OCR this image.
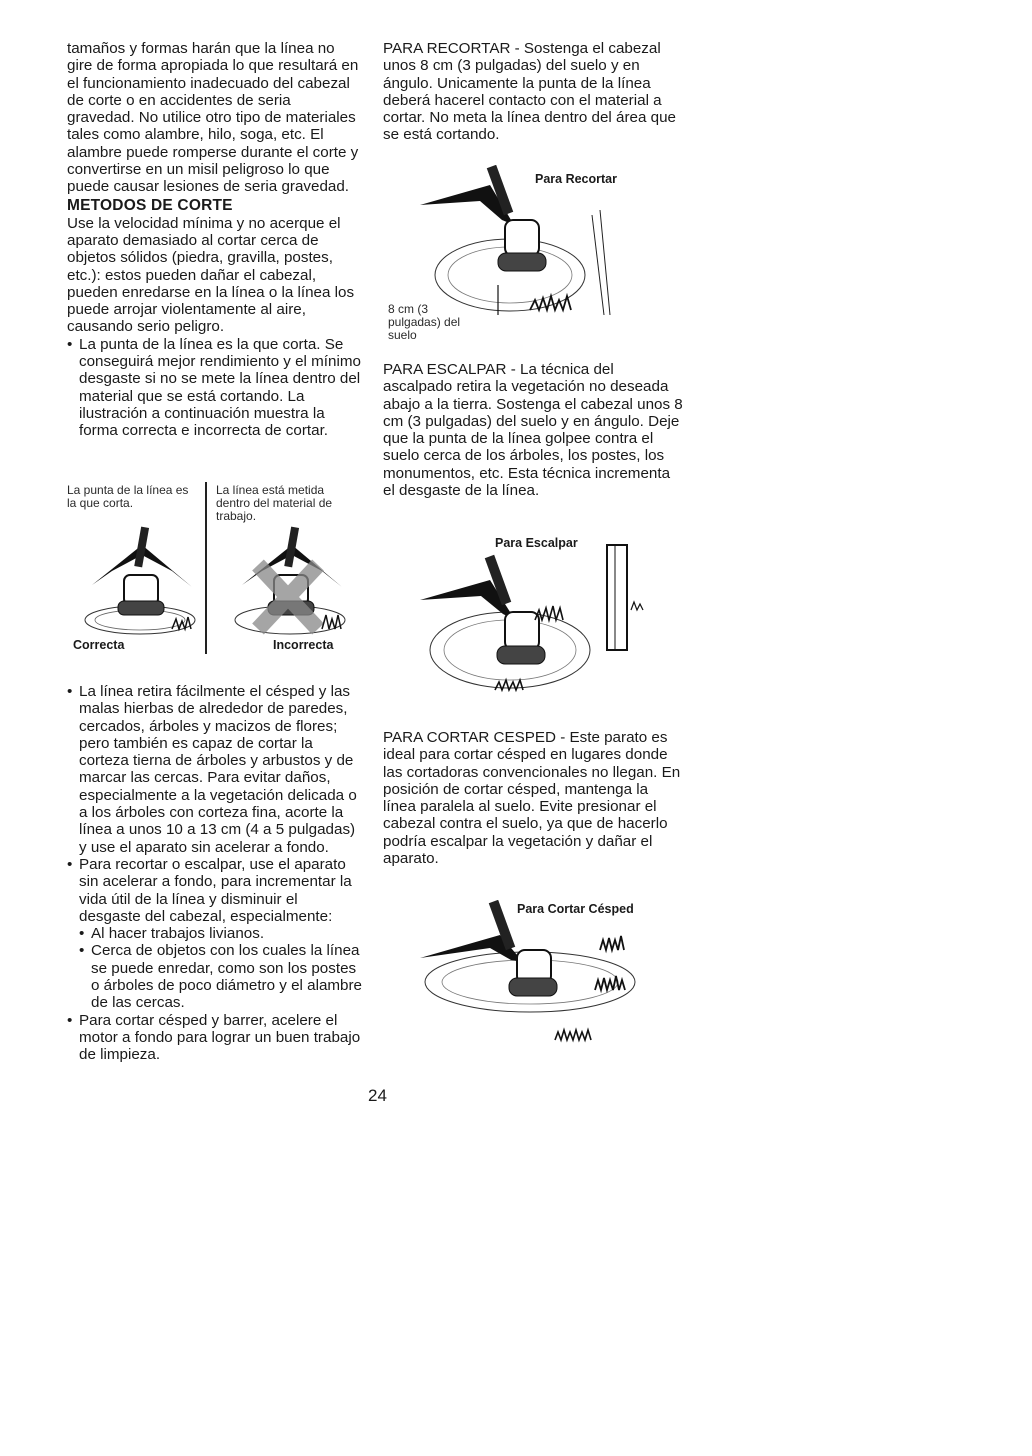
tamaños y formas harán que la línea no gire de forma apropiada lo que resultará en el funcionamiento inadecuado del cabezal de corte o en accidentes de seria gravedad. No utilice otro tipo de materiales tales como alambre, hilo, soga, etc. El alambre puede romperse durante el corte y convertirse en un misil peligroso lo que puede causar lesiones de seria gravedad.

METODOS DE CORTE

Use la velocidad mínima y no acerque el aparato demasiado al cortar cerca de objetos sólidos (piedra, gravilla, postes, etc.): estos pueden dañar el cabezal, pueden enredarse en la línea o la línea los puede arrojar violentamente al aire, causando serio peligro.

• La punta de la línea es la que corta. Se conseguirá mejor rendimiento y el mínimo desgaste si no se mete la línea dentro del material que se está cortando. La ilustración a continuación muestra la forma correcta e incorrecta de cortar.
La punta de la línea es la que corta.
La línea está metida dentro del material de trabajo.
Correcta	Incorrecta
• La línea retira fácilmente el césped y las malas hierbas de alrededor de paredes, cercados, árboles y macizos de flores; pero también es capaz de cortar la corteza tierna de árboles y arbustos y de marcar las cercas. Para evitar daños, especialmente a la vegetación delicada o a los árboles con corteza fina, acorte la línea a unos 10 a 13 cm (4 a 5 pulgadas) y use el aparato sin acelerar a fondo.
• Para recortar o escalpar, use el aparato sin acelerar a fondo, para incrementar la vida útil de la línea y disminuir el desgaste del cabezal, especialmente:
• Al hacer trabajos livianos.
• Cerca de objetos con los cuales la línea se puede enredar, como son los postes o árboles de poco diámetro y el alambre de las cercas.
• Para cortar césped y barrer, acelere el motor a fondo para lograr un buen trabajo de limpieza.

PARA RECORTAR - Sostenga el cabezal unos 8 cm (3 pulgadas) del suelo y en ángulo. Unicamente la punta de la línea deberá hacerel contacto con el material a cortar. No meta la línea dentro del área que se está cortando.

Para Recortar
8 cm (3 pulgadas) del suelo

PARA ESCALPAR - La técnica del ascalpado retira la vegetación no deseada abajo a la tierra. Sostenga el cabezal unos 8 cm (3 pulgadas) del suelo y en ángulo. Deje que la punta de la línea golpee contra el suelo cerca de los árboles, los postes, los monumentos, etc. Esta técnica incrementa el desgaste de la línea.

Para Escalpar

PARA CORTAR CESPED - Este parato es ideal para cortar césped en lugares donde las cortadoras convencionales no llegan. En posición de cortar césped, mantenga la línea paralela al suelo. Evite presionar el cabezal contra el suelo, ya que de hacerlo podría escalpar la vegetación y dañar el aparato.

Para Cortar Césped
24
